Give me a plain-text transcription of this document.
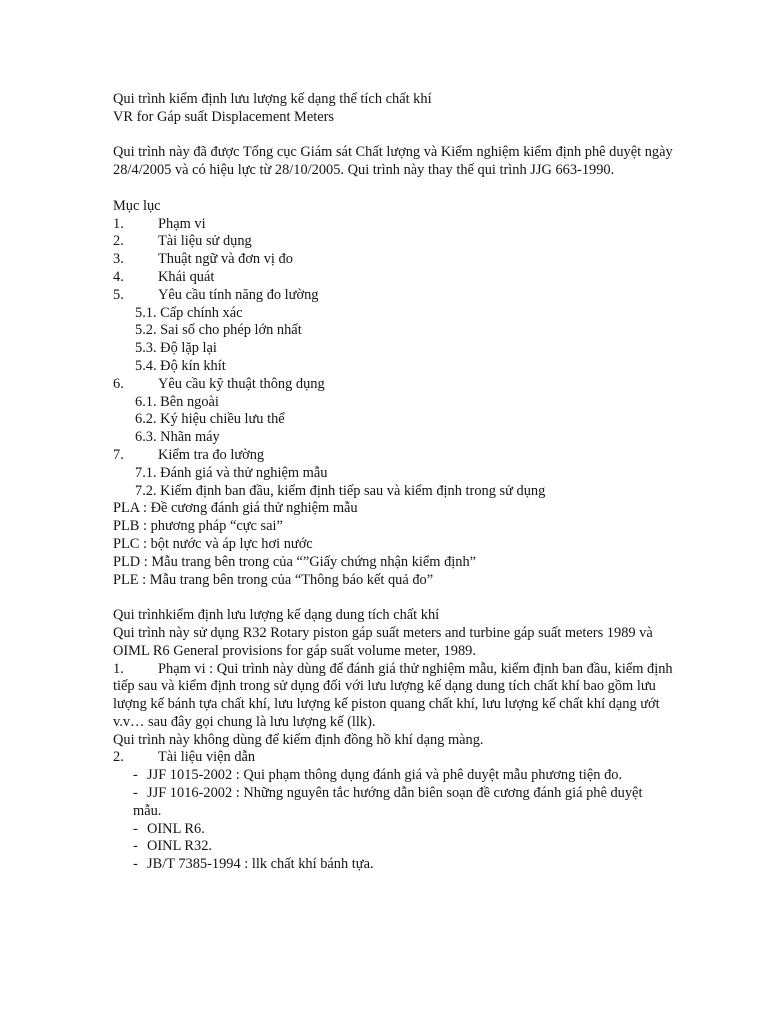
Qui trình kiểm định lưu lượng kế dạng thể tích chất khí
VR for Gáp suất Displacement Meters
Qui trình này đã được Tổng cục Giám sát Chất lượng và Kiểm nghiệm kiểm định phê duyệt ngày 28/4/2005 và có hiệu lực từ 28/10/2005. Qui trình này thay thế qui trình JJG 663-1990.
Mục lục
1. Phạm vi
2. Tài liệu sử dụng
3. Thuật ngữ và đơn vị đo
4. Khái quát
5. Yêu cầu tính năng đo lường
5.1. Cấp chính xác
5.2. Sai số cho phép lớn nhất
5.3. Độ lặp lại
5.4. Độ kín khít
6. Yêu cầu kỹ thuật thông dụng
6.1. Bên ngoài
6.2. Ký hiệu chiều lưu thể
6.3. Nhãn máy
7. Kiểm tra đo lường
7.1. Đánh giá và thử nghiệm mẫu
7.2. Kiểm định ban đầu, kiểm định tiếp sau và kiểm định trong sử dụng
PLA : Đề cương đánh giá thử nghiệm mẫu
PLB : phương pháp “cực sai”
PLC : bột nước và áp lực hơi nước
PLD : Mẫu trang bên trong của “”Giấy chứng nhận kiểm định”
PLE : Mẫu trang bên trong của “Thông báo kết quả đo”
Qui trìnhkiểm định lưu lượng kế dạng dung tích chất khí
Qui trình này sử dụng R32 Rotary piston gáp suất meters and turbine gáp suất meters 1989 và OIML R6 General provisions for gáp suất volume meter, 1989.
1. Phạm vi : Qui trình này dùng để đánh giá thử nghiệm mẫu, kiểm định ban đầu, kiểm định tiếp sau và kiểm định trong sử dụng đối với lưu lượng kế dạng dung tích chất khí bao gồm lưu lượng kế bánh tựa chất khí, lưu lượng kế piston quang chất khí, lưu lượng kế chất khí dạng ướt v.v… sau đây gọi chung là lưu lượng kế (llk).
Qui trình này không dùng để kiểm định đồng hồ khí dạng màng.
2. Tài liệu viện dẫn
- JJF 1015-2002 : Qui phạm thông dụng đánh giá và phê duyệt mẫu phương tiện đo.
- JJF 1016-2002 : Những nguyên tắc hướng dẫn biên soạn đề cương đánh giá phê duyệt mẫu.
- OINL R6.
- OINL R32.
- JB/T 7385-1994 : llk chất khí bánh tựa.
